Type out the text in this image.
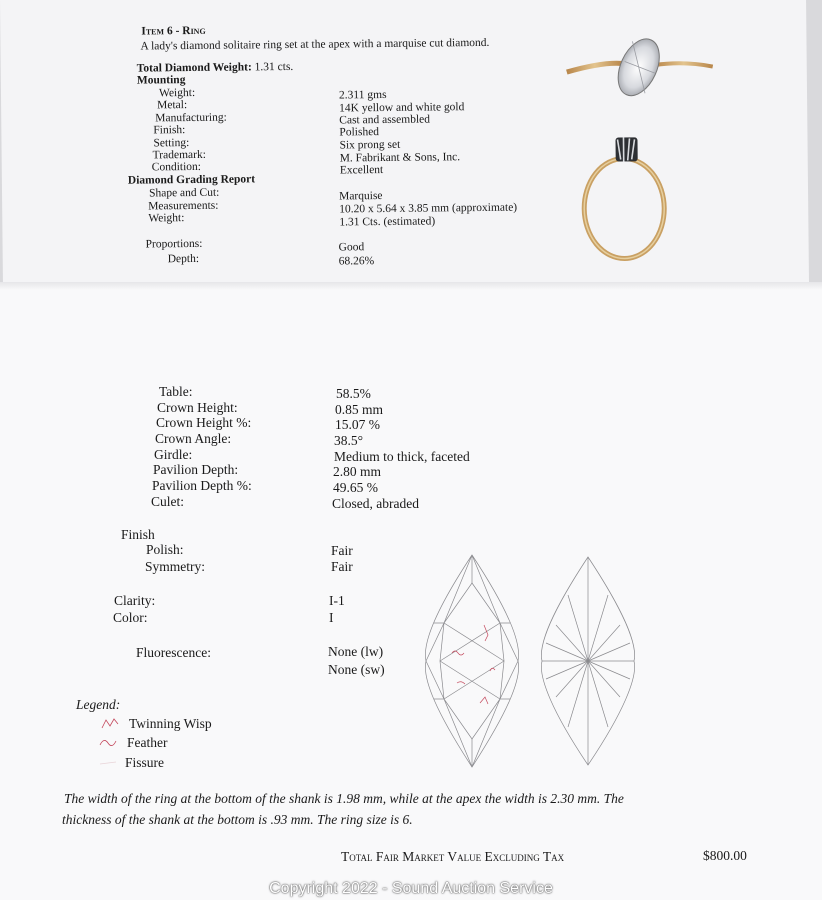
Item 6 - Ring
A lady's diamond solitaire ring set at the apex with a marquise cut diamond.
Total Diamond Weight: 1.31 cts.
Mounting
Weight:	2.311 gms
Metal:	14K yellow and white gold
Manufacturing:	Cast and assembled
Finish:	Polished
Setting:	Six prong set
Trademark:	M. Fabrikant & Sons, Inc.
Condition:	Excellent
Diamond Grading Report
Shape and Cut:	Marquise
Measurements:	10.20 x 5.64 x 3.85 mm (approximate)
Weight:	1.31 Cts. (estimated)
Proportions:	Good
Depth:	68.26%
Table:	58.5%
Crown Height:	0.85 mm
Crown Height %:	15.07 %
Crown Angle:	38.5°
Girdle:	Medium to thick, faceted
Pavilion Depth:	2.80 mm
Pavilion Depth %:	49.65 %
Culet:	Closed, abraded
Finish
Polish:	Fair
Symmetry:	Fair
Clarity:	I-1
Color:	I
Fluorescence:	None (lw)
None (sw)
Legend:
Twinning Wisp
Feather
Fissure
The width of the ring at the bottom of the shank is 1.98 mm, while at the apex the width is 2.30 mm. The
thickness of the shank at the bottom is .93 mm. The ring size is 6.
Total Fair Market Value Excluding Tax	$800.00
Copyright 2022 - Sound Auction Service
